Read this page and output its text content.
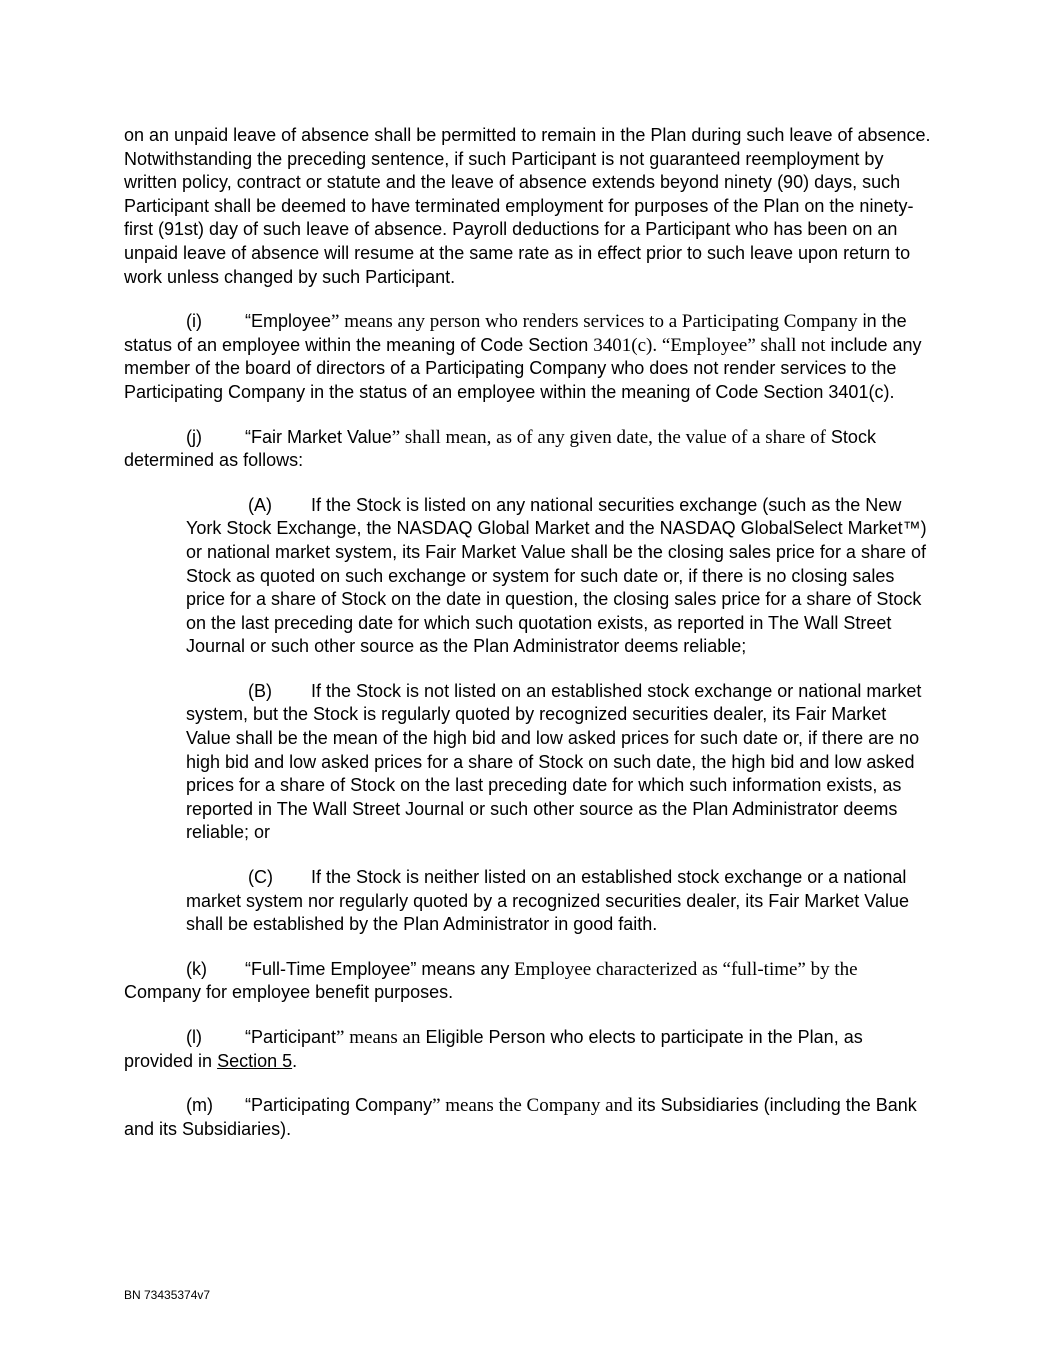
on an unpaid leave of absence shall be permitted to remain in the Plan during such leave of absence. Notwithstanding the preceding sentence, if such Participant is not guaranteed reemployment by written policy, contract or statute and the leave of absence extends beyond ninety (90) days, such Participant shall be deemed to have terminated employment for purposes of the Plan on the ninety-first (91st) day of such leave of absence. Payroll deductions for a Participant who has been on an unpaid leave of absence will resume at the same rate as in effect prior to such leave upon return to work unless changed by such Participant.

(i) “Employee” means any person who renders services to a Participating Company in the status of an employee within the meaning of Code Section 3401(c). “Employee” shall not include any member of the board of directors of a Participating Company who does not render services to the Participating Company in the status of an employee within the meaning of Code Section 3401(c).

(j) “Fair Market Value” shall mean, as of any given date, the value of a share of Stock determined as follows:

(A) If the Stock is listed on any national securities exchange (such as the New York Stock Exchange, the NASDAQ Global Market and the NASDAQ GlobalSelect Market™) or national market system, its Fair Market Value shall be the closing sales price for a share of Stock as quoted on such exchange or system for such date or, if there is no closing sales price for a share of Stock on the date in question, the closing sales price for a share of Stock on the last preceding date for which such quotation exists, as reported in The Wall Street Journal or such other source as the Plan Administrator deems reliable;

(B) If the Stock is not listed on an established stock exchange or national market system, but the Stock is regularly quoted by recognized securities dealer, its Fair Market Value shall be the mean of the high bid and low asked prices for such date or, if there are no high bid and low asked prices for a share of Stock on such date, the high bid and low asked prices for a share of Stock on the last preceding date for which such information exists, as reported in The Wall Street Journal or such other source as the Plan Administrator deems reliable; or

(C) If the Stock is neither listed on an established stock exchange or a national market system nor regularly quoted by a recognized securities dealer, its Fair Market Value shall be established by the Plan Administrator in good faith.

(k) “Full-Time Employee” means any Employee characterized as “full-time” by the Company for employee benefit purposes.

(l) “Participant” means an Eligible Person who elects to participate in the Plan, as provided in Section 5.

(m) “Participating Company” means the Company and its Subsidiaries (including the Bank and its Subsidiaries).

BN 73435374v7
